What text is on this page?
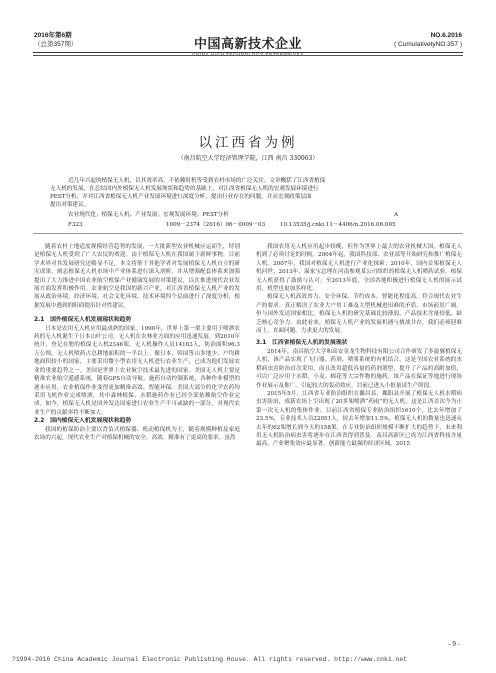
2016年第6期
（总第357期）	中国高新技术企业
CHINA HIGH TECHNOLOGY ENTERPRISES
NO.6.2016
( CumulativetyNO.357 )
以江西省为例
（南昌航空大学经济管理学院，江西 南昌 330063）
近几年兴起的植保无人机，以其效率高、不依赖时机等受到农村市场的广泛关注。文章概括了江西省植保
无人机的发展，在总结国内外植保无人机发展现状和趋势的基础上，对江西省植保无人机的宏观发展环境进行
PEST分析，并对江西省植保无人机产业发展环境进行深度分析，提出行业存在的问题，并从宏观政策层面
提出对策建议。
农业现代化；植保无人机；产业发展；宏观发展环境；PEST分析	A
F323	1009－2374（2016）06－0009－03	10.13535/j.cnki.11－4406/n.2016.06.005

随着农村土地适度规模经营趋势的发展，一大批新型农业机械应运而生，特别是植保无人机受到了广大农民的欢迎。由于植保无人机在我国属于新鲜事物，目前学术界对其发展研究还略显不足。本文将鉴于其他学者对发展植保无人机自立的研究成果，阐志植保无人机市场中产业体系进行深入剖析，并从增强配套体系来加强提出了大力推进中国农业航空植保产业健康发展的对策建议，以在推进现代农业发展方面发挥积极作用。农业航空是我国的新兴产业，对江西省植保无人机产业的发展从政治环境、经济环境、社会文化环境、技术环境四个层面进行了深度分析，根据发展中遇到的阻碍提出针对性建议。

2.1　国外植保无人机发展现状和趋势

日本是农用无人机应用最成熟的国家。1990年，世界上第一架主要用于喷洒农药的无人机诞生于日本山叶公司，无人机在农林业方面的应用迅速发展。到2010年统计，登记在册的植保无人机2346架，无人机操作人员14163人，防治面积96.3万公顷，无人机喷药占总耕地面积的一半以上。像日本、韩国等山多地少、户均耕地面积较小的国家，主要采用微小型农用无人机进行农业生产，已成为他们发展农业的重要趋势之一。美国是世界上农业航空技术最先进的国家。美国无人机主要是精准农业航空遥感系统，随着GPS自动导航、施药自动控制系统、各种作业模型的逐步应用，农业植保作业变得更加精准高效、智能环保。美国大部分的化学农药均采用飞机作业完成喷洒，其中森林植保、水稻施药作业已经全部依赖航空作业完成。如今，植保无人机是国外发达国家进行农业生产不可或缺的一部分，对现代农业生产的贡献率将不断加大。

2.2　国内植保无人机发展现状和趋势

我国的植保防治主要以背负式植保器、机动植保机为主，随着规模种植及家庭农场的兴起，现代农业生产对植保机械的安全、高效、精准有了更高的要求。虽然

我国农用无人机应用起步较晚，但作为世界上最大的农业机械大国，植保无人机到了必须讨论的时候。2004年起，我国科技部、农业部等开始研究和推广植保无人机。2007年，我国对植保无人机进行产业化探索；2010年，国内首架植保无人机问世；2013年，温家宝总理在河南参观某公司组织的植保无人机喷药试验，植保无人机获得了鼓励与认可；至2013年底，全国各地积极进行植保无人机的展示试用，机型也更加多样化。

植保无人机高效省力、安全环保、节约成本、智能化程度高，符合现代农业生产的要求。真正解决了农业大户用工难及大型机械进田难的矛盾，市场前景广阔。但与国外发达国家相比，植保无人机的研究基础比较薄弱，产品技术含量较低，缺乏核心竞争力。由此看来，植保无人机产业的发展机遇与挑战并存，我们必须迎难而上，直面问题，力求更大的发展。

3.1　江西省植保无人机的发展现状

2014年，南昌航空大学和高安金龙生物科技有限公司合作研发了多旋翼植保无人机，该产品实现了飞行器、药剂、喷雾系统的有机结合，这是全国农业系统的水稻病虫害防治首次采用，而且改用超低容量的药剂剂型，提升了产品的高附加值，可以广泛应用于水稻、小麦、棉花等大宗作物的施药。该产品在保证等地进行现场作业展示及推广，引起较大的轰动效应，目前已进入小批量试生产阶段。

2015年5月，江西省专业防治组织在鄱昌县、鄱阳县开展了植保无人机水稻病虫害防治，成新农场上空出现了20多架喷洒“药雨”的无人机，这是江西首次今为止第一次无人机的集体作业。目前江西省植保专业防治组织1610个，比去年增加了23.5%，专业技术人员22051人，较去年增加11.5%，植保无人机的数量也迅速从去年的62架增长到今天的158架。在专业防治组织规模不断扩大的趋势下，未来利用无人机防治病虫害将逐步在江西省得到普及。南昌高新区已成为江西省科技含量最高、产业聚集效应最显著、创新能力最强的经济区域。2015

- 9 -
?1994-2016 China Academic Journal Electronic Publishing House. All rights reserved. http://www.cnki.net
